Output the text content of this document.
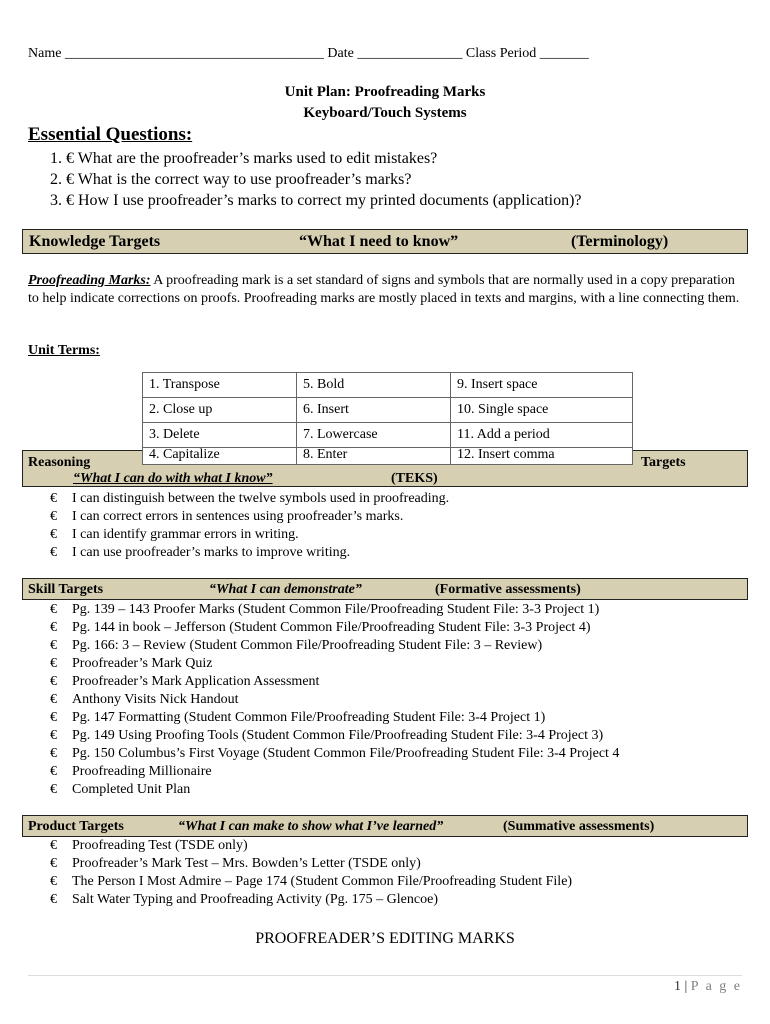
Name _____________________________________ Date _______________ Class Period _______
Unit Plan: Proofreading Marks
Keyboard/Touch Systems
Essential Questions:
1. € What are the proofreader’s marks used to edit mistakes?
2. € What is the correct way to use proofreader’s marks?
3. € How I use proofreader’s marks to correct my printed documents (application)?
Knowledge Targets	“What I need to know”	(Terminology)
Proofreading Marks: A proofreading mark is a set standard of signs and symbols that are normally used in a copy preparation to help indicate corrections on proofs. Proofreading marks are mostly placed in texts and margins, with a line connecting them.
Unit Terms:
Reasoning	Targets
“What I can do with what I know”	(TEKS)
1. Transpose	5. Bold	9. Insert space
2. Close up	6. Insert	10. Single space
3. Delete	7. Lowercase	11. Add a period
4. Capitalize	8. Enter	12. Insert comma
€ I can distinguish between the twelve symbols used in proofreading.
€ I can correct errors in sentences using proofreader’s marks.
€ I can identify grammar errors in writing.
€ I can use proofreader’s marks to improve writing.
Skill Targets	“What I can demonstrate”	(Formative assessments)
€ Pg. 139 – 143 Proofer Marks (Student Common File/Proofreading Student File: 3-3 Project 1)
€ Pg. 144 in book – Jefferson (Student Common File/Proofreading Student File: 3-3 Project 4)
€ Pg. 166: 3 – Review (Student Common File/Proofreading Student File: 3 – Review)
€ Proofreader’s Mark Quiz
€ Proofreader’s Mark Application Assessment
€ Anthony Visits Nick Handout
€ Pg. 147 Formatting (Student Common File/Proofreading Student File: 3-4 Project 1)
€ Pg. 149 Using Proofing Tools (Student Common File/Proofreading Student File: 3-4 Project 3)
€ Pg. 150 Columbus’s First Voyage (Student Common File/Proofreading Student File: 3-4 Project 4
€ Proofreading Millionaire
€ Completed Unit Plan
Product Targets	“What I can make to show what I’ve learned”	(Summative assessments)
€ Proofreading Test (TSDE only)
€ Proofreader’s Mark Test – Mrs. Bowden’s Letter (TSDE only)
€ The Person I Most Admire – Page 174 (Student Common File/Proofreading Student File)
€ Salt Water Typing and Proofreading Activity (Pg. 175 – Glencoe)
PROOFREADER’S EDITING MARKS
1 | P a g e
